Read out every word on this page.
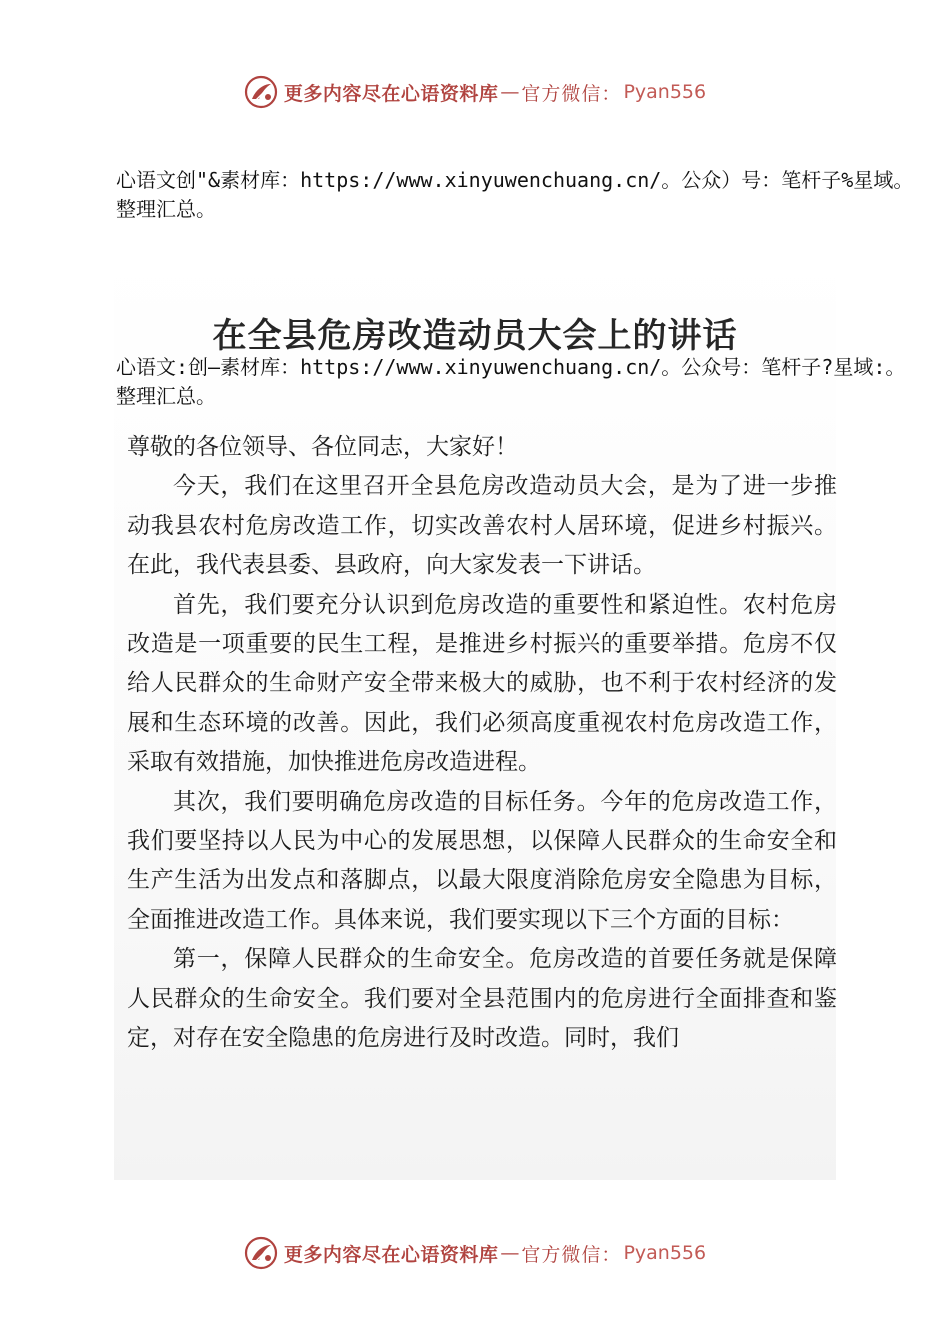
更多内容尽在心语资料库 — 官方微信： Pyan556
心语文创"&素材库：https://www.xinyuwenchuang.cn/。公众）号：笔杆子%星域。整理汇总。
在全县危房改造动员大会上的讲话
心语文:创—素材库：https://www.xinyuwenchuang.cn/。公众号：笔杆子?星域:。整理汇总。

尊敬的各位领导、各位同志，大家好！

今天，我们在这里召开全县危房改造动员大会，是为了进一步推动我县农村危房改造工作，切实改善农村人居环境，促进乡村振兴。在此，我代表县委、县政府，向大家发表一下讲话。

首先，我们要充分认识到危房改造的重要性和紧迫性。农村危房改造是一项重要的民生工程，是推进乡村振兴的重要举措。危房不仅给人民群众的生命财产安全带来极大的威胁，也不利于农村经济的发展和生态环境的改善。因此，我们必须高度重视农村危房改造工作，采取有效措施，加快推进危房改造进程。

其次，我们要明确危房改造的目标任务。今年的危房改造工作，我们要坚持以人民为中心的发展思想，以保障人民群众的生命安全和生产生活为出发点和落脚点，以最大限度消除危房安全隐患为目标，全面推进改造工作。具体来说，我们要实现以下三个方面的目标：

第一，保障人民群众的生命安全。危房改造的首要任务就是保障人民群众的生命安全。我们要对全县范围内的危房进行全面排查和鉴定，对存在安全隐患的危房进行及时改造。同时，我们

更多内容尽在心语资料库 — 官方微信： Pyan556
